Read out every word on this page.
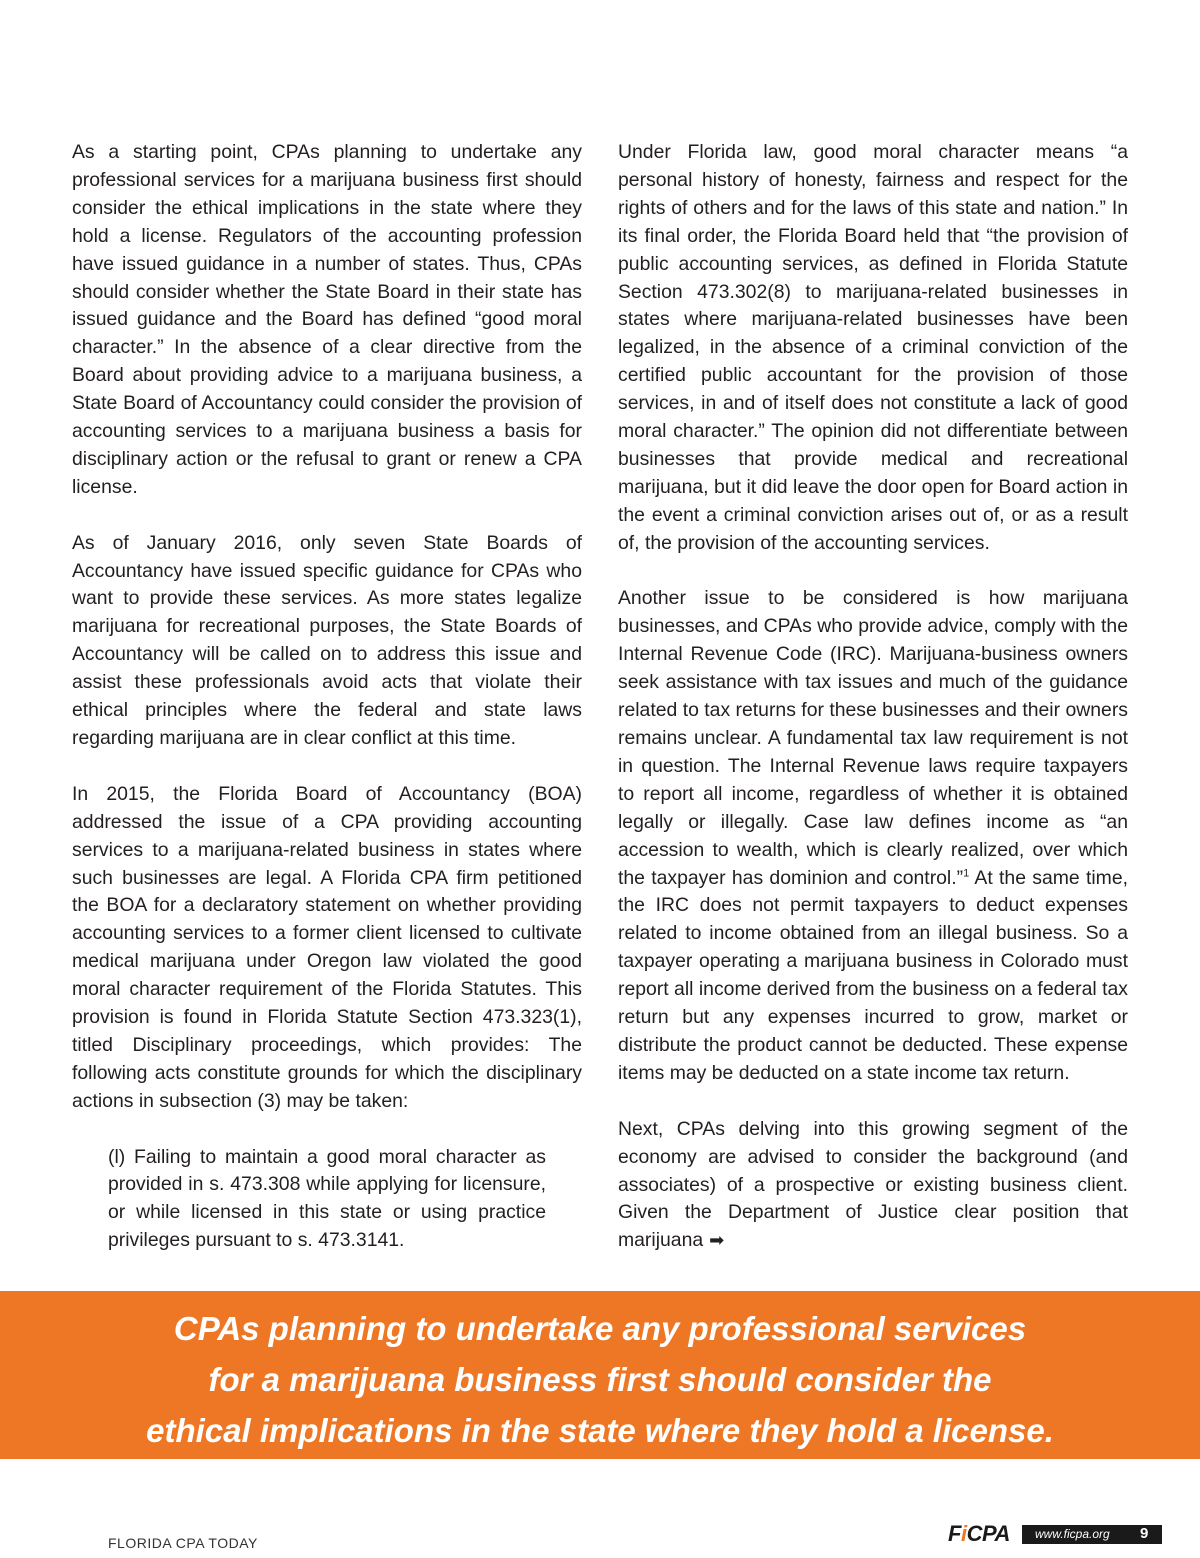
As a starting point, CPAs planning to undertake any professional services for a marijuana business first should consider the ethical implications in the state where they hold a license. Regulators of the accounting profession have issued guidance in a number of states. Thus, CPAs should consider whether the State Board in their state has issued guidance and the Board has defined “good moral character.” In the absence of a clear directive from the Board about providing advice to a marijuana business, a State Board of Accountancy could consider the provision of accounting services to a marijuana business a basis for disciplinary action or the refusal to grant or renew a CPA license.

As of January 2016, only seven State Boards of Accountancy have issued specific guidance for CPAs who want to provide these services. As more states legalize marijuana for recreational purposes, the State Boards of Accountancy will be called on to address this issue and assist these professionals avoid acts that violate their ethical principles where the federal and state laws regarding marijuana are in clear conflict at this time.

In 2015, the Florida Board of Accountancy (BOA) addressed the issue of a CPA providing accounting services to a marijuana-related business in states where such businesses are legal. A Florida CPA firm petitioned the BOA for a declaratory statement on whether providing accounting services to a former client licensed to cultivate medical marijuana under Oregon law violated the good moral character requirement of the Florida Statutes. This provision is found in Florida Statute Section 473.323(1), titled Disciplinary proceedings, which provides: The following acts constitute grounds for which the disciplinary actions in subsection (3) may be taken:

(l) Failing to maintain a good moral character as provided in s. 473.308 while applying for licensure, or while licensed in this state or using practice privileges pursuant to s. 473.3141.

Under Florida law, good moral character means “a personal history of honesty, fairness and respect for the rights of others and for the laws of this state and nation.” In its final order, the Florida Board held that “the provision of public accounting services, as defined in Florida Statute Section 473.302(8) to marijuana-related businesses in states where marijuana-related businesses have been legalized, in the absence of a criminal conviction of the certified public accountant for the provision of those services, in and of itself does not constitute a lack of good moral character.” The opinion did not differentiate between businesses that provide medical and recreational marijuana, but it did leave the door open for Board action in the event a criminal conviction arises out of, or as a result of, the provision of the accounting services.

Another issue to be considered is how marijuana businesses, and CPAs who provide advice, comply with the Internal Revenue Code (IRC). Marijuana-business owners seek assistance with tax issues and much of the guidance related to tax returns for these businesses and their owners remains unclear. A fundamental tax law requirement is not in question. The Internal Revenue laws require taxpayers to report all income, regardless of whether it is obtained legally or illegally. Case law defines income as “an accession to wealth, which is clearly realized, over which the taxpayer has dominion and control.”$^1$ At the same time, the IRC does not permit taxpayers to deduct expenses related to income obtained from an illegal business. So a taxpayer operating a marijuana business in Colorado must report all income derived from the business on a federal tax return but any expenses incurred to grow, market or distribute the product cannot be deducted. These expense items may be deducted on a state income tax return.

Next, CPAs delving into this growing segment of the economy are advised to consider the background (and associates) of a prospective or existing business client. Given the Department of Justice clear position that marijuana ➡

CPAs planning to undertake any professional services
for a marijuana business first should consider the
ethical implications in the state where they hold a license.
FLORIDA CPA TODAY	FiCPA www.ficpa.org 9
